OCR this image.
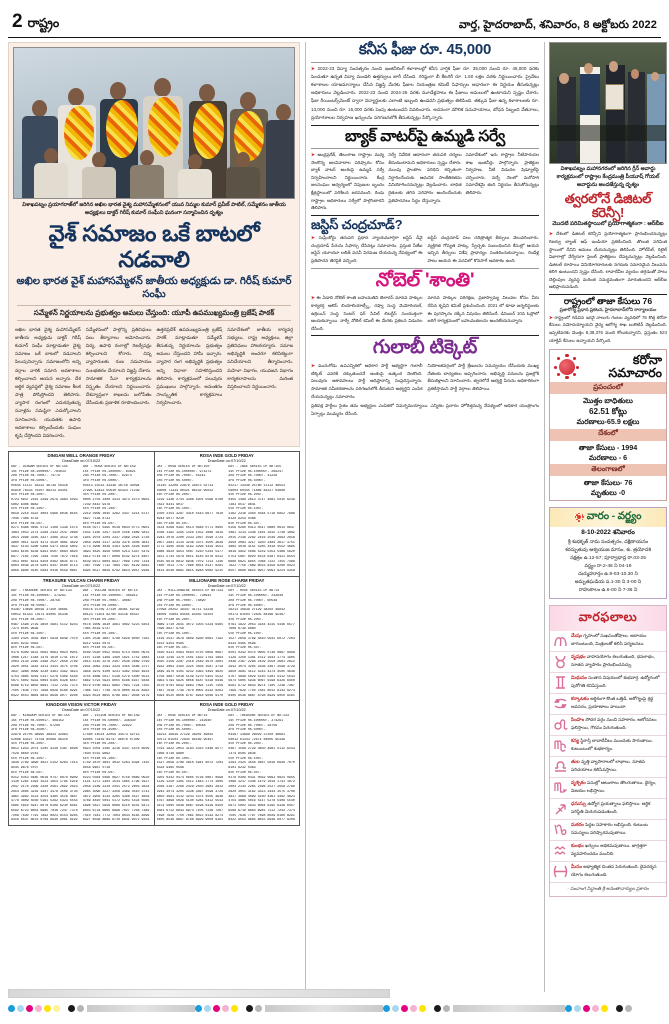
2 రాష్ట్రం	వార్త, హైదరాబాద్, శనివారం, 8 అక్టోబరు 2022
విశాఖపట్నం ప్రయాగరాజ్‌లో జరిగిన అఖిల భారత వైశ్య మహాసమ్మేళనంలో యువ నిమ్మల కుమార్ ప్రవీణ్ పాటిల్, సమ్మేళనం జాతీయ అధ్యక్షులు డాక్టర్ గిరీష్ కుమార్ సంఘీని ఘనంగా సన్మానించిన దృశ్యం
వైశ్ సమాజం ఒకే బాటలో నడవాలి
అఖిల భారత వైశ్ మహాసమ్మేళన్ జాతీయ అధ్యక్షుడు డా. గిరీష్ కుమార్ సంఘీ
సమ్మేళన్ నిర్ణయాలను ప్రభుత్వం అమలు చేస్తుంది: యూపీ ఉపముఖ్యమంత్రి బ్రజేష్ పాఠక్
అఖిల భారత వైశ్య మహాసమ్మేళన్ జాతీయ అధ్యక్షుడు డాక్టర్ గిరీష్ కుమార్ సంఘీ మాట్లాడుతూ వైశ్య సమాజం ఒకే బాటలో నడవాలని పిలుపునిచ్చారు. సమాజంలోని అన్ని వర్గాల వారికి సమాన అవకాశాలు కల్పించాలని ఆయన అన్నారు. దేశ ఆర్థిక వ్యవస్థలో వైశ్య సమాజం కీలక పాత్ర పోషిస్తోందని తెలిపారు. వ్యాపార రంగంలో ఎదురవుతున్న సవాళ్లను సమష్టిగా ఎదుర్కోవాలని సూచించారు. యువతకు ఉపాధి అవకాశాలు కల్పించేందుకు సంఘం కృషి చేస్తోందని వివరించారు.
సమ్మేళనంలో పాల్గొన్న ప్రతినిధులు పలు తీర్మానాలు ఆమోదించారు. విద్య, ఉపాధి రంగాల్లో రిజర్వేషన్లు కల్పించాలని కోరారు. చిన్న వ్యాపారులకు రుణ సదుపాయం సులభతరం చేయాలని విజ్ఞప్తి చేశారు. సామాజిక సేవా కార్యక్రమాలను విస్తృతం చేయాలని నిర్ణయించారు. దేశవ్యాప్తంగా శాఖలను బలోపేతం చేసేందుకు ప్రణాళిక రూపొందించారు.
ఉత్తరప్రదేశ్ ఉపముఖ్యమంత్రి బ్రజేష్ పాఠక్ మాట్లాడుతూ సమ్మేళన్ తీసుకున్న నిర్ణయాలను ప్రభుత్వం అమలు చేస్తుందని హామీ ఇచ్చారు. వ్యాపార రంగ అభివృద్ధికి ప్రభుత్వం అన్ని విధాలా సహకరిస్తుందని తెలిపారు. కార్యక్రమంలో పలువురు ప్రముఖులు పాల్గొన్నారు. అనంతరం సాంస్కృతిక కార్యక్రమాలు నిర్వహించారు.
సమావేశంలో జాతీయ కార్యవర్గ సభ్యులు, రాష్ట్ర అధ్యక్షులు, జిల్లా ప్రతినిధులు హాజరయ్యారు. సమాజ అభివృద్ధికి అందరూ కలిసికట్టుగా పనిచేయాలని తీర్మానించారు. మహిళా విభాగం, యువజన విభాగం కార్యకలాపాలను మరింత విస్తరించాలని నిర్ణయించారు.
DINGAM WELL ORANGE FRIDAY
DrawDate on:07/10/22
DAY - DINGAM SERIES Dr No:155
1st Prize Rs.100000/- 784034
2nd Prize Rs.7000/- 74779
3rd Prize Rs.5000/-
05645 11147 18222 36739 50316
85910 76334 76307 88213 94451
4th Prize Rs.200/-
0723 0937 2161 2299 2979 3984 5493
5802 6408 6682
5th Prize Rs.100/-
0618 2218 4322 4003 5966 6036 6545
7040 7466 8718
6th Prize Rs.50/-
0271 0388 0465 0712 1108 1336 1574
1883 2053 2174 2298 2433 2547 2698
2814 2998 3165 3327 3489 3512 3738
3860 4011 4224 4372 4530 4661 4829
4937 5143 5260 5388 5471 5619 5802
5963 6104 6238 6391 6507 6684 6820
6977 7102 7265 7398 7540 7672 7816
7953 8087 8214 8350 8492 8635 8771
8904 9036 9178 9301 9447 9580 9713
9856 9990 0145 0283 0416 0559 0687
DAY - ROSA SERIES Dr No:159
1st Prize Rs.100000/- 83021
2nd Prize Rs.7000/- 62974
3rd Prize Rs.5000/-
04413 15533 33336 16718 34094
27995 42433 55630 65424 71239
4th Prize Rs.200/-
0000 2703 3400 3414 3974 4273 6903
7239 8442 9478
5th Prize Rs.100/-
2219 2609 3045 3262 3437 4214 6737
5627 7138 8731
6th Prize Rs.50/-
0148 0277 0395 0518 0644 0773 0901
1032 1165 1297 1420 1556 1689 1812
1945 2078 2204 2337 2469 2591 2726
2858 2984 3117 3249 3376 3508 3641
3773 3906 4038 4161 4295 4428 4560
4693 4825 4958 5080 5213 5347 5479
5612 5744 5877 6009 6142 6274 6407
6539 6672 6804 6937 7069 7202 7334
7467 7599 7732 7864 7997 8129 8262
8394 8527 8659 8792 8924 9057 9189
ROSA INDE GOLD FRIDAY
DrawDate on:07/10/22
DAY - ROSA SERIES Dr No:150
1st Prize Rs.100000/- 974273
2nd Prize Rs.7000/- 55241
3rd Prize Rs.5000/-
01145 12209 23879 34873 52713
63008 71334 80421 88233 95012
4th Prize Rs.200/-
0219 1336 2744 3388 4201 5566 6790
7822 8341 9017
5th Prize Rs.100/-
1020 2154 3287 4410 5543 6677 7810
8944 9077 0210
6th Prize Rs.50/-
0134 0268 0391 0514 0648 0771 0905
1038 1162 1295 1429 1552 1686 1819
1943 2076 2200 2333 2467 2590 2724
2857 2981 3114 3248 3371 3505 3638
3772 3905 4039 4162 4296 4429 4553
4686 4820 4953 5087 5210 5344 5477
5611 5744 5878 6011 6145 6278 6412
6545 6679 6812 6946 7079 7213 7346
7480 7613 7747 7880 8014 8147 8281
8414 8548 8681 8815 8948 9082 9215
DAY - INDE SERIES Dr No:155
1st Prize Rs.100000/- 269247
2nd Prize Rs.7000/- 41228
3rd Prize Rs.5000/-
02217 13448 25760 37112 48553
59004 60445 71886 83227 94668
4th Prize Rs.200/-
0355 1489 2613 3747 4881 5015 6249
7383 8517 9641
5th Prize Rs.100/-
1182 2316 3450 4584 5718 6852 7986
8120 9254 0388
6th Prize Rs.50/-
0156 0290 0413 0547 0680 0814 0947
1081 1214 1348 1481 1615 1748 1882
2015 2149 2282 2416 2549 2683 2816
2950 3083 3217 3350 3484 3617 3751
3884 4018 4151 4285 4418 4552 4685
4819 4952 5086 5219 5353 5486 5620
5753 5887 6020 6154 6287 6421 6554
6688 6821 6955 7088 7222 7355 7489
7622 7756 7889 8023 8156 8290 8423
8557 8690 8824 8957 9091 9224 9358
TREASURE VULCAN CHARM FRIDAY
DrawDate on:07/10/22
DAY - TREASURE SERIES Dr No:133
1st Prize Rs.100000/- 374291
2nd Prize Rs.7000/- 28756
3rd Prize Rs.5000/-
03367 14698 26029 37350 48681
50012 61343 72674 84005 95336
4th Prize Rs.200/-
0467 1598 2729 3850 4981 5112 6243
7374 8505 9636
5th Prize Rs.100/-
1294 2425 3556 4687 5818 6949 7070
8101 9232 0363
6th Prize Rs.50/-
0178 0309 0431 0562 0693 0824 0955
1086 1217 1348 1479 1610 1741 1872
2003 2134 2265 2396 2527 2658 2789
2920 3051 3182 3313 3444 3575 3706
3837 3968 4099 4230 4361 4492 4623
4754 4885 5016 5147 5278 5409 5540
5671 5802 5933 6064 6195 6326 6457
6588 6719 6850 6981 7112 7243 7374
7505 7636 7767 7898 8029 8160 8291
8422 8553 8684 8815 8946 9077 9208
DAY - VULCAN SERIES Dr No:14
1st Prize Rs.100000/- 485912
2nd Prize Rs.7000/- 30867
3rd Prize Rs.5000/-
04478 15709 27130 38461 59792
60123 71454 82785 93116 04447
4th Prize Rs.200/-
0578 1609 2830 3961 4092 5223 6354
7485 8516 9747
5th Prize Rs.100/-
1305 2536 3667 4798 5929 6050 7181
8212 9343 0474
6th Prize Rs.50/-
0189 0320 0452 0583 0714 0845 0976
1107 1238 1369 1490 1621 1752 1883
2014 2145 2276 2407 2538 2669 2790
2931 3062 3193 3324 3455 3586 3717
3848 3979 4100 4231 4362 4493 4624
4755 4886 5017 5148 5279 5400 5531
5662 5793 5924 6055 6186 6317 6448
6579 6700 6831 6962 7093 7224 7355
7486 7617 7748 7879 8000 8131 8262
8393 8524 8655 8786 8917 9048 9179
MILLIONAIRE ROSE CHARM FRIDAY
DrawDate on:07/10/22
DAY - MILLIONAIRE SERIES Dr No:133
1st Prize Rs.100000/- 738941
2nd Prize Rs.7000/- 74890
3rd Prize Rs.5000/-
27098 20252 39447 41711 53238
64009 75804 84565 93455 02101
4th Prize Rs.200/-
0689 1710 2941 3072 4203 5334 6465
7596 8627 9758
5th Prize Rs.100/-
1416 2547 3678 4809 5930 6061 7192
8223 9354 0485
6th Prize Rs.50/-
0190 0331 0463 0594 0725 0856 0987
1118 1249 1370 1501 1632 1763 1894
2025 2156 2287 2418 2549 2670 2801
2932 3063 3194 3325 3456 3587 3718
3849 3970 4101 4232 4363 4494 4625
4756 4887 5018 5149 5270 5401 5532
5663 5794 5925 6056 6187 6318 6449
6570 6701 6832 6963 7094 7225 7356
7487 7618 7749 7870 8001 8132 8263
8394 8525 8656 8787 8918 9049 9170
DAY - ROSE SERIES Dr No:14
1st Prize Rs.100000/- 242640
2nd Prize Rs.7000/- 60548
3rd Prize Rs.5000/-
16213 16939 27129 38202 49842
50173 61504 72835 84166 95497
4th Prize Rs.200/-
0791 1822 2053 3184 4315 5446 6577
7608 8739 9860
5th Prize Rs.100/-
1527 2658 3789 4810 5941 6072 7203
8334 9465 0596
6th Prize Rs.50/-
0201 0342 0474 0605 0736 0867 0998
1129 1250 1381 1512 1643 1774 1905
2036 2167 2298 2429 2550 2681 2812
2943 3074 3205 3336 3467 3598 3729
3850 3981 4112 4243 4374 4505 4636
4767 4898 5029 5140 5281 5412 5543
5674 5805 5936 6067 6198 6329 6450
6581 6712 6843 6974 7105 7236 7367
7498 7629 7750 7881 8012 8143 8274
8405 8536 8667 8798 8929 9050 9181
KINGDOM VISION VICTOR FRIDAY
DrawDate on:07/10/22
DAY - KINGDOM SERIES Dr No:155
1st Prize Rs.50001/- 409152
2nd Prize Rs.7000/- 67290
3rd Prize Rs.3500/-
32978 21705 38995 36824 42963
52096 63427 74758 85089 96310
4th Prize Rs.200/-
0812 1943 2074 3105 4236 5367 6498
7529 8650 9781
5th Prize Rs.100/-
1638 2769 3890 4021 5152 6283 7414
8545 9676 0707
6th Prize Rs.50/-
0212 0353 0485 0616 0747 0878 0909
1130 1261 1392 1523 1654 1785 1916
2047 2178 2309 2430 2561 2692 2823
2954 3085 3216 3347 3478 3509 3730
3861 3992 4123 4254 4385 4516 4647
4778 4809 5030 5161 5292 5423 5554
5685 5816 5947 6078 6109 6230 6461
6592 6723 6854 6985 7016 7247 7378
7509 7630 7761 7892 8023 8154 8285
8416 8547 8678 8709 8930 9061 9192
DAY - VISION SERIES Dr No:159
1st Prize Rs.50000/- 336430
2nd Prize Rs.7000/- 32922
3rd Prize Rs.3500/-
17460 14524 32059 34573 52713
62085 73416 84747 96078 07309
4th Prize Rs.200/-
0923 1054 2185 3216 4347 5478 6509
7630 8761 9892
5th Prize Rs.100/-
1749 2870 3901 4032 5263 6394 7425
8556 9687 0718
6th Prize Rs.50/-
0223 0364 0496 0627 0758 0889 0910
1141 1272 1303 1534 1665 1796 1927
2058 2189 2310 2441 2572 2603 2834
2965 3096 3227 3358 3489 3510 3741
3872 3903 4134 4265 4396 4527 4658
4789 4810 5041 5172 5203 5434 5565
5696 5827 5958 6089 6110 6241 6472
6503 6734 6865 6996 7027 7258 7389
7510 7641 7772 7803 8034 8165 8296
8427 8558 8689 8710 8941 9072 9103
ROSA INDE GOLD FRIDAY
DrawDate on:07/10/22
DAY - ROSE SERIES Dr No:14
1st Prize Rs.100000/- 242640
2nd Prize Rs.7000/- 60548
3rd Prize Rs.5000/-
16213 16939 27129 38202 49842
50173 61504 72835 84166 95497
4th Prize Rs.200/-
0791 1822 2053 3184 4315 5446 6577
7608 8739 9860
5th Prize Rs.100/-
1527 2658 3789 4810 5941 6072 7203
8334 9465 0596
6th Prize Rs.50/-
0201 0342 0474 0605 0736 0867 0998
1129 1250 1381 1512 1643 1774 1905
2036 2167 2298 2429 2550 2681 2812
2943 3074 3205 3336 3467 3598 3729
3850 3981 4112 4243 4374 4505 4636
4767 4898 5029 5140 5281 5412 5543
5674 5805 5936 6067 6198 6329 6450
6581 6712 6843 6974 7105 7236 7367
7498 7629 7750 7881 8012 8143 8274
8405 8536 8667 8798 8929 9050 9181
DAY - TREASURE SERIES Dr No:133
1st Prize Rs.100000/- 374291
2nd Prize Rs.7000/- 28756
3rd Prize Rs.5000/-
03367 14698 26029 37350 48681
50012 61343 72674 84005 95336
4th Prize Rs.200/-
0467 1598 2729 3850 4981 5112 6243
7374 8505 9636
5th Prize Rs.100/-
1294 2425 3556 4687 5818 6949 7070
8101 9232 0363
6th Prize Rs.50/-
0178 0309 0431 0562 0693 0824 0955
1086 1217 1348 1479 1610 1741 1872
2003 2134 2265 2396 2527 2658 2789
2920 3051 3182 3313 3444 3575 3706
3837 3968 4099 4230 4361 4492 4623
4754 4885 5016 5147 5278 5409 5540
5671 5802 5933 6064 6195 6326 6457
6588 6719 6850 6981 7112 7243 7374
7505 7636 7767 7898 8029 8160 8291
8422 8553 8684 8815 8946 9077 9208
కనీస ఫీజు రూ. 45,000
➤ 2022-23 విద్యా సంవత్సరం నుంచి ఇంజినీరింగ్ కళాశాలల్లో కనీస వార్షిక ఫీజు రూ. 35,000 నుంచి రూ. 45,000 వరకు పెంచుతూ ఉన్నత విద్యా మండలి ఉత్తర్వులు జారీ చేసింది. గరిష్ఠంగా బీ కేటగిరీ రూ. 1.60 లక్షల వరకు నిర్ణయించారు. ప్రైవేటు కళాశాలల యాజమాన్యాలు చేసిన విజ్ఞప్తి మేరకు ఫీజుల నియంత్రణ కమిటీ సిఫార్సుల ఆధారంగా ఈ నిర్ణయం తీసుకున్నట్లు అధికారులు వెల్లడించారు. 2022-23 నుంచి 2024-25 వరకు మూడేళ్లపాటు ఈ ఫీజులు అమలులో ఉంటాయని స్పష్టం చేశారు. ఫీజు రీయింబర్స్‌మెంట్ ద్వారా విద్యార్థులకు ఎలాంటి ఇబ్బంది ఉండదని ప్రభుత్వం తెలిపింది. తక్కువ ఫీజు ఉన్న కళాశాలలకు రూ. 13,000 నుంచి రూ. 15,000 వరకు పెంపు ఉంటుందని వివరించారు. అదనంగా మౌలిక సదుపాయాలు, బోధన సిబ్బంది వేతనాలు, ప్రయోగశాలల నిర్వహణ ఖర్చులను పరిగణనలోకి తీసుకున్నట్లు పేర్కొన్నారు.
బ్యాక్ వాటర్‌పై ఉమ్మడి సర్వే
➤ ఆంధ్రప్రదేశ్, తెలంగాణ రాష్ట్రాల మధ్య నెలకొన్న జలవివాదాల పరిష్కారం కోసం బ్యాక్ వాటర్ అంశంపై ఉమ్మడి సర్వే నిర్వహించాలని నిర్ణయించారు. కేంద్ర జలసంఘం ఆధ్వర్యంలో నిపుణుల బృందం క్షేత్రస్థాయిలో పరిశీలన జరపనుంది. రెండు రాష్ట్రాల అధికారులు సర్వేలో పాల్గొంటారని తెలిపారు.
సర్వే నివేదిక ఆధారంగా తదుపరి చర్యలు తీసుకుంటామని అధికారులు స్పష్టం చేశారు. ముంపు ప్రాంతాల పరిధిని కచ్చితంగా నిర్ధారించేందుకు ఆధునిక సాంకేతికతను వినియోగించనున్నట్లు వెల్లడించారు. బాధిత రైతులకు తగిన పరిహారం అందించేందుకు ప్రతిపాదనలు సిద్ధం చేస్తున్నారు.
సమావేశంలో ఇరు రాష్ట్రాల నీటిపారుదల శాఖ ఇంజినీర్లు పాల్గొన్నారు. ప్రాజెక్టుల నిర్వహణ, నీటి విడుదల షెడ్యూల్‌పై చర్చించారు. వచ్చే నెలలో మరోసారి సమావేశమై తుది నిర్ణయం తీసుకోనున్నట్లు తెలిపారు.
జస్టిస్ చంద్రచూడ్?
➤ సుప్రీంకోర్టు తదుపరి ప్రధాన న్యాయమూర్తిగా జస్టిస్ డీవై చంద్రచూడ్ పేరును సిఫార్సు చేసినట్లు సమాచారం. ప్రస్తుత సీజేఐ జస్టిస్ యూయూ లలిత్ పదవీ విరమణ చేయనున్న నేపథ్యంలో ఈ ప్రతిపాదన తెరపైకి వచ్చింది.
జస్టిస్ చంద్రచూడ్ పలు చరిత్రాత్మక తీర్పులు వెలువరించారు. వ్యక్తిగత గోప్యత హక్కు, స్వేచ్ఛకు సంబంధించిన కేసుల్లో ఆయన ఇచ్చిన తీర్పులు విశేష ప్రాధాన్యం సంతరించుకున్నాయి. రెండేళ్ల పాటు ఆయన ఈ పదవిలో కొనసాగే అవకాశం ఉంది.
నోబెల్ 'శాంతి'
➤ ఈ ఏడాది నోబెల్ శాంతి బహుమతిని బెలారస్ మానవ హక్కుల కార్యకర్త అలెస్ బియాలియాట్స్కీ, రష్యా సంస్థ మెమోరియల్, ఉక్రెయిన్ సంస్థ సెంటర్ ఫర్ సివిల్ లిబర్టీస్ సంయుక్తంగా అందుకున్నాయి. నార్వే నోబెల్ కమిటీ ఈ మేరకు ప్రకటన విడుదల చేసింది.
మానవ హక్కుల పరిరక్షణ, ప్రజాస్వామ్య విలువల కోసం వీరు చేసిన కృషిని కమిటీ ప్రశంసించింది. 2021 లో కూడా జర్నలిస్టులకు ఈ పురస్కారం దక్కిన విషయం తెలిసిందే. డిసెంబర్ 10న ఓస్లోలో జరిగే కార్యక్రమంలో బహుమతులను అందజేయనున్నారు.
గులాబీ టిక్కెట్
➤ మునుగోడు ఉపఎన్నికలో అధికార పార్టీ అభ్యర్థిగా గులాబీ టిక్కెట్ ఎవరికి దక్కుతుందనే అంశంపై ఉత్కంఠ నెలకొంది. పలువురు ఆశావహులు పార్టీ అధిష్ఠానాన్ని సంప్రదిస్తున్నారు. సామాజిక సమీకరణాలను పరిగణనలోకి తీసుకుని అభ్యర్థిని ఎంపిక చేయనున్నట్లు సమాచారం.
నియోజకవర్గంలో పార్టీ శ్రేణులను సమన్వయం చేసేందుకు ముఖ్య నేతలకు బాధ్యతలు అప్పగించారు. అభివృద్ధి పనులను ప్రజల్లోకి తీసుకెళ్లాలని సూచించారు. త్వరలోనే అభ్యర్థి పేరును అధికారికంగా ప్రకటిస్తామని పార్టీ వర్గాలు తెలిపాయి.
ప్రతిపక్ష పార్టీలు సైతం తమ అభ్యర్థుల ఎంపికలో నిమగ్నమయ్యాయి. ఎన్నికల ప్రచారం హోరెత్తనున్న నేపథ్యంలో అధికార యంత్రాంగం ఏర్పాట్లు ముమ్మరం చేసింది.
విశాఖపట్నం మహానగరంలో జరిగిన గ్రీన్ అవార్డు కార్యక్రమంలో రాష్ట్రాల కేంద్రమంత్రి పీయూష్ గోయల్ అవార్డును అందజేస్తున్న దృశ్యం
త్వరలోనే డిజిటల్ కరెన్సీ!
మొదటి పరిమితస్థాయిలో ప్రయోగాత్మకంగా : ఆర్‌బీఐ
➤ దేశంలో డిజిటల్ కరెన్సీని ప్రయోగాత్మకంగా ప్రారంభించనున్నట్లు రిజర్వు బ్యాంక్ ఆఫ్ ఇండియా ప్రకటించింది. తొలుత పరిమిత స్థాయిలో దీనిని అమలు చేయనున్నట్లు తెలిపింది. హోల్‌సేల్, రిటైల్ విభాగాల్లో వేర్వేరుగా పైలట్ ప్రాజెక్టులు చేపట్టనున్నట్లు వెల్లడించింది. డిజిటల్ రూపాయి వినియోగదారులకు నగదుకు సమానమైన విలువను కలిగి ఉంటుందని స్పష్టం చేసింది. లావాదేవీల వ్యయం తగ్గడంతో పాటు చెల్లింపుల వ్యవస్థ మరింత సమర్థవంతంగా మారుతుందని ఆర్‌బీఐ అభిప్రాయపడింది.
రాష్ట్రంలో తాజా కేసులు 76
ప్రజారోగ్య ప్రధాన ప్రకటన, హైదరాబాద్‌లోని కార్యాలయం
➤ రాష్ట్రంలో గడిచిన ఇరవై నాలుగు గంటల వ్యవధిలో 76 కొత్త కరోనా కేసులు నమోదయ్యాయని వైద్య ఆరోగ్య శాఖ బులెటిన్ వెల్లడించింది. ఇప్పటివరకు మొత్తం 8,38,376 మంది కోలుకున్నారని, ప్రస్తుతం 524 యాక్టివ్ కేసులు ఉన్నాయని పేర్కొంది.
కరోనా సమాచారం
ప్రపంచంలో
మొత్తం బాధితులు
62.51 కోట్లు
మరణాలు-65.9 లక్షలు
దేశంలో
తాజా కేసులు - 1994
మరణాలు - 6
తెలంగాణలో
తాజా కేసులు- 76
మృతులు -0
వారం - వర్జ్యం
8-10-2022 శనివారం
శ్రీ శుభకృత్ నామ సంవత్సరం, దక్షిణాయనం
శరద్బుతువు ఆశ్వయుజ మాసం, శు. త్రయోదశి
నక్షత్రం ఉ.12-57; పూర్వాభాద్ర రా.03-25
వర్జ్యం రా.2-46 ని 04-19
దుర్ముహూర్తం ఉ.9-03-10.30 ని
అమృతఘడియ ప.1-30 ని 3-00 ని
రాహుకాలం ఉ.6-00 ని 7-36 ని
వారఫలాలు
మేషం గృహంలో సుఖసంతోషాలు. ఆదాయం బాగుంటుంది, మిత్రులతో కలిసి పర్యటనలు.
వృషభం వాహనయోగం కలుగుతుంది, ధనలాభం, నూతన వ్యాపారం ప్రారంభించవచ్చు.
మిథునం సంతాన విషయంలో శుభవార్త. ఉద్యోగంలో పురోగతి కనిపిస్తుంది.
కర్కాటకం ఆర్థికంగా కొంత ఒత్తిడి. ఆరోగ్యంపై శ్రద్ధ అవసరం, ప్రయాణాలు వాయిదా.
సింహం సోదర వర్గం నుంచి సహకారం. ఆలోచనలు ఫలిస్తాయి, గౌరవం పెరుగుతుంది.
కన్య స్థిరాస్తి లావాదేవీలు ముందుకు సాగుతాయి. కుటుంబంలో శుభకార్యం.
తుల వృత్తి వ్యాపారాలలో లాభాలు. నూతన పరిచయాలు కలిసివస్తాయి.
వృశ్చికం పనుల్లో ఆటంకాలు తొలగుతాయి. ధైర్యం, విజయం లభిస్తాయి.
ధనుస్సు ఉద్యోగ ప్రయత్నాలు ఫలిస్తాయి. ఆర్థిక పరిస్థితి మెరుగుపడుతుంది.
మకరం పెద్దల సహకారం లభిస్తుంది. కుటుంబ సమస్యలు పరిష్కారమవుతాయి.
కుంభం ఖర్చులు అధికమవుతాయి. జాగ్రత్తగా వ్యవహరించడం మంచిది.
మీనం ఆధ్యాత్మిక చింతన పెరుగుతుంది. దైవదర్శన యోగం కలుగుతుంది.
- పంచాంగ సిద్ధాంతి శ్రీ అనంతాచార్యుల ప్రకారం
